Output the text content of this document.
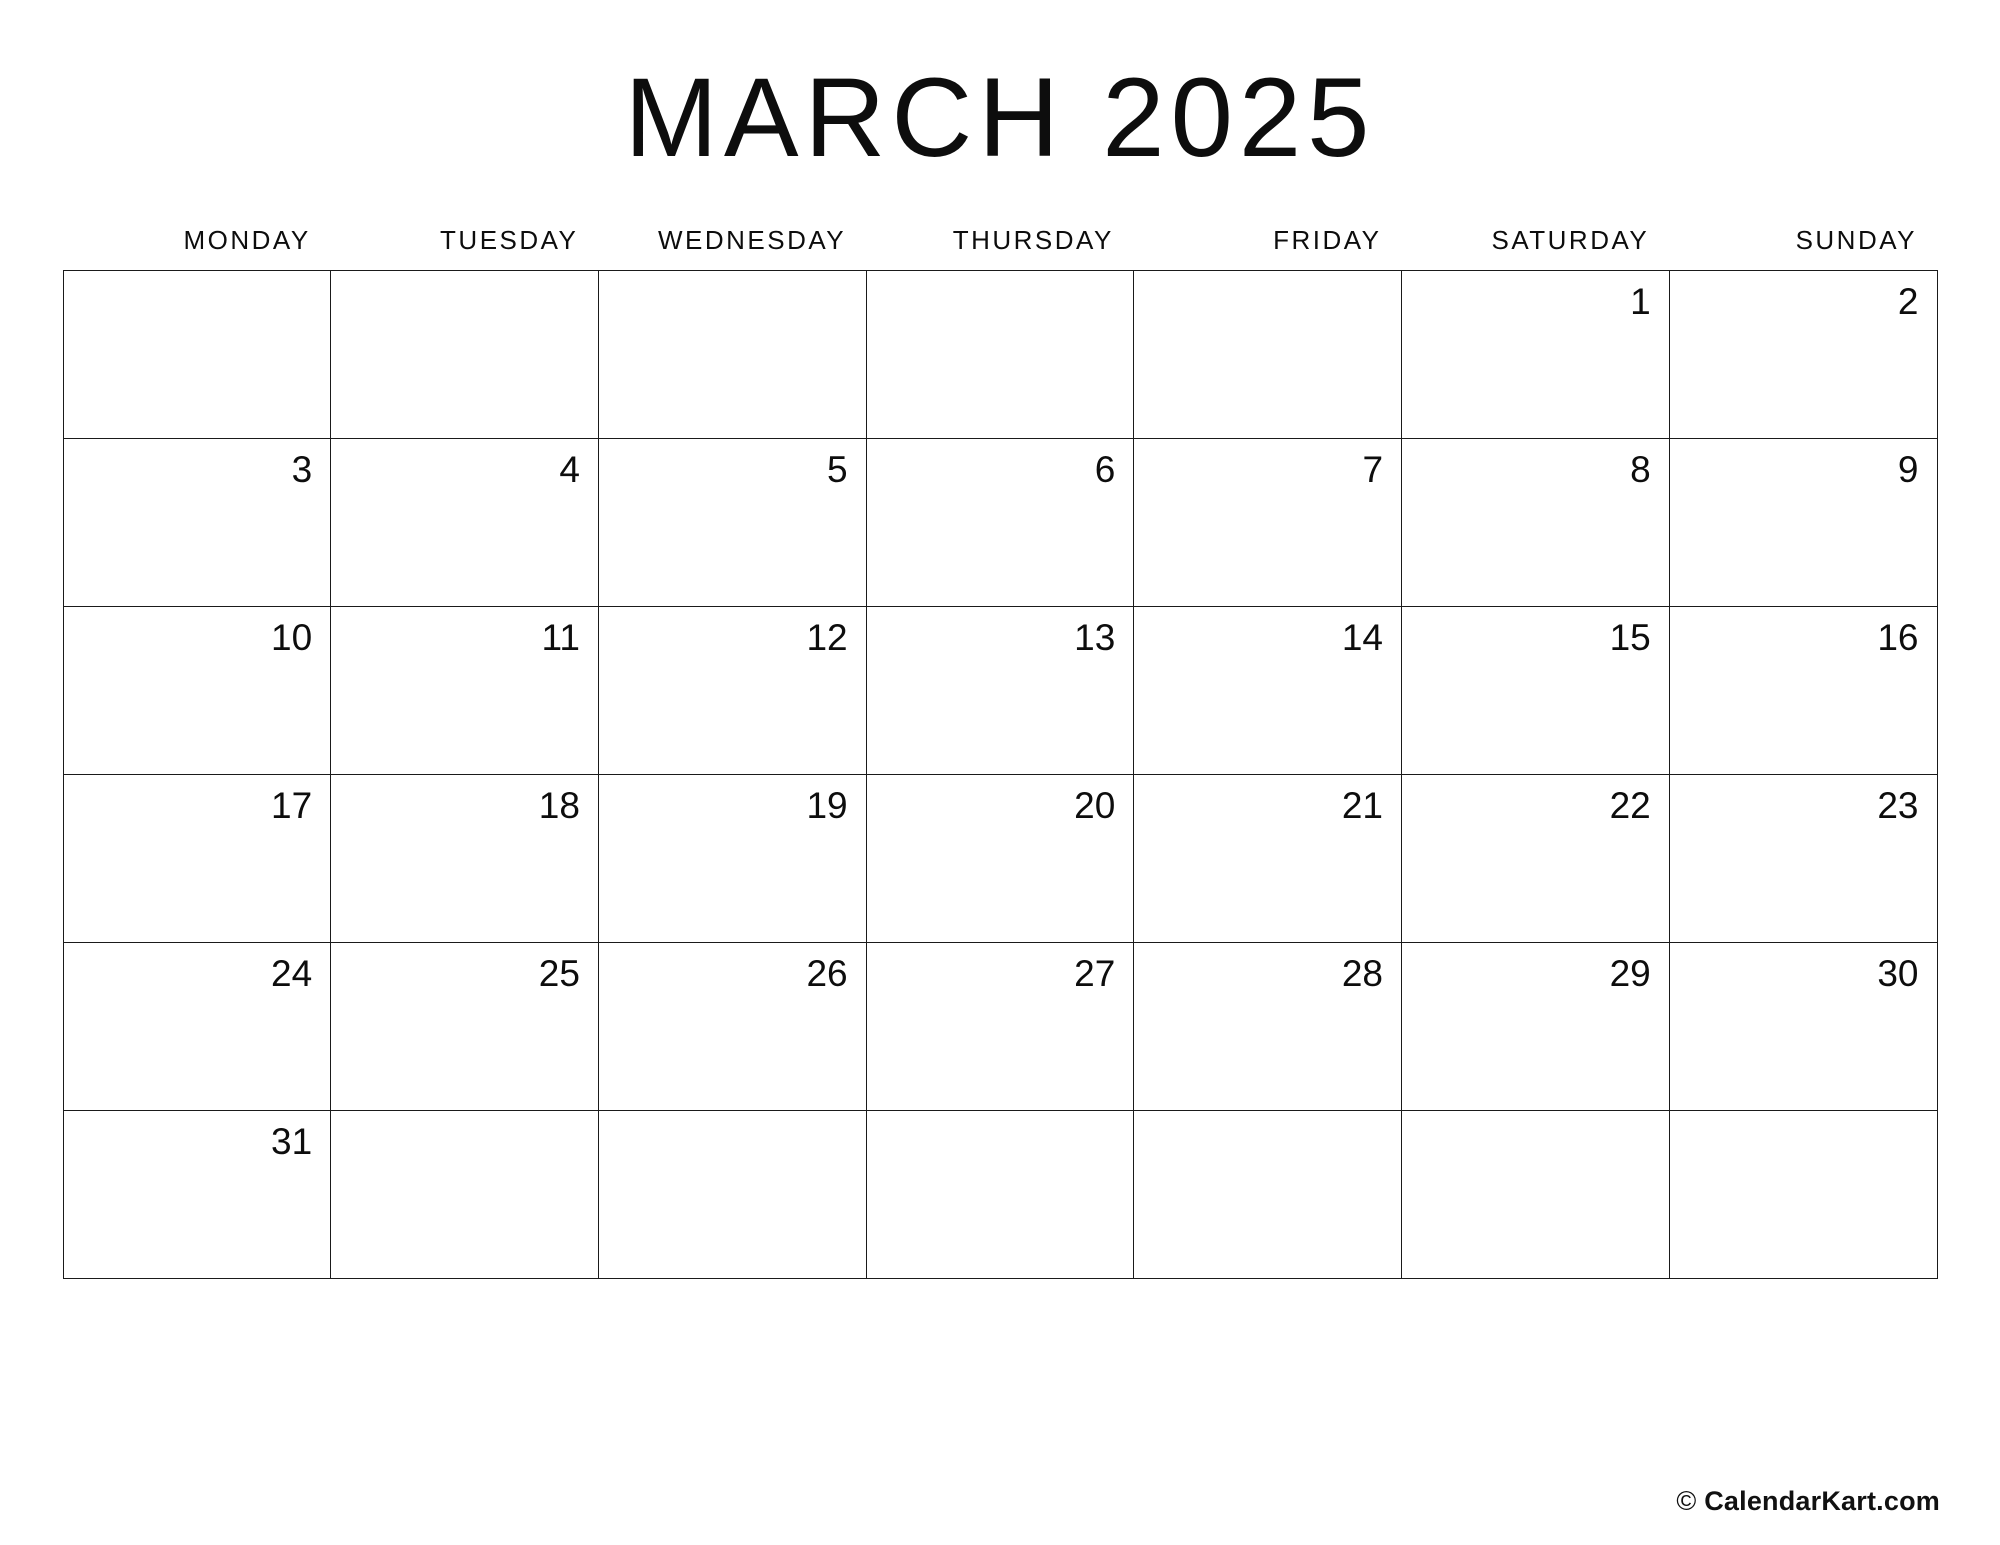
MARCH 2025
MONDAY	TUESDAY	WEDNESDAY	THURSDAY	FRIDAY	SATURDAY	SUNDAY
					1	2
3	4	5	6	7	8	9
10	11	12	13	14	15	16
17	18	19	20	21	22	23
24	25	26	27	28	29	30
31						
© CalendarKart.com
